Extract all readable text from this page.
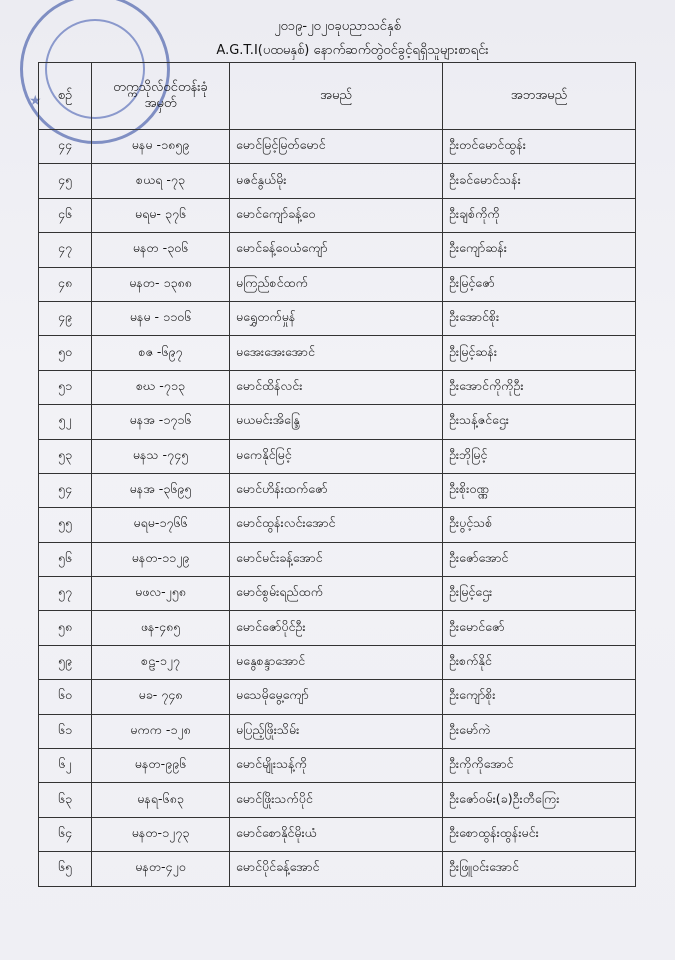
★
၂၀၁၉-၂၀၂၀ခုပညာသင်နှစ်
A.G.T.I(ပထမနှစ်) နောက်ဆက်တွဲဝင်ခွင့်ရရှိသူများစာရင်း
စဉ်	တက္ကသိုလ်ဝင်တန်းခုံအမှတ်	အမည်	အဘအမည်
၄၄	မနမ -၁၈၅၉	မောင်မြင့်မြတ်မောင်	ဦးတင်မောင်ထွန်း
၄၅	စယရ -၇၃	မဇင်နွယ်မိုး	ဦးခင်မောင်သန်း
၄၆	မရမ- ၃၇၆	မောင်ကျော်ခန့်ဝေ	ဦးချစ်ကိုကို
၄၇	မနတ -၃၀၆	မောင်ခန့်ဝေယံကျော်	ဦးကျော်ဆန်း
၄၈	မနတ- ၁၃၈၈	မကြည်စင်ထက်	ဦးမြင့်ဇော်
၄၉	မနမ - ၁၁၀၆	မရွှေတက်မှုန်	ဦးအောင်စိုး
၅၀	စဇ -၆၉၇	မအေးအေးအောင်	ဦးမြင့်ဆန်း
၅၁	စဃ -၇၁၃	မောင်ထိန်လင်း	ဦးအောင်ကိုကိုဦး
၅၂	မနအ -၁၇၁၆	မယမင်းအိန္ဒြေ	ဦးသန့်ဇင်ဌေး
၅၃	မနသ -၇၄၅	မကေနိုင်မြင့်	ဦးဘိုမြင့်
၅၄	မနအ -၃၆၉၅	မောင်ဟိန်းထက်ဇော်	ဦးစိုးဝဏ္ဏ
၅၅	မရမ-၁၇၆၆	မောင်ထွန်းလင်းအောင်	ဦးပွင့်သစ်
၅၆	မနတ-၁၁၂၉	မောင်မင်းခန့်အောင်	ဦးဇော်အောင်
၅၇	မဖလ-၂၅၈	မောင်စွမ်းရည်ထက်	ဦးမြင့်ဌေး
၅၈	ဖန-၄၈၅	မောင်ဇော်ပိုင်ဦး	ဦးမောင်ဇော်
၅၉	စဠ-၁၂၇	မနွေစန္ဒာအောင်	ဦးစက်နိုင်
၆၀	မခ- ၇၄၈	မသေမိုမွေ့ကျော်	ဦးကျော်စိုး
၆၁	မကက -၁၂၈	မပြည့်ဖြိုးသိမ်း	ဦးမော်ကဲ
၆၂	မနတ-၉၉၆	မောင်မျိုးသန့်ကို	ဦးကိုကိုအောင်
၆၃	မနရ-၆၈၃	မောင်ဖြိုးသက်ပိုင်	ဦးဇော်ဝမ်း(ခ)ဦးတီကြေး
၆၄	မနတ-၁၂၇၃	မောင်စောနိုင်မိုးယံ	ဦးစောထွန်းထွန်းမင်း
၆၅	မနတ-၄၂၀	မောင်ပိုင်ခန့်အောင်	ဦးဖြူဝင်းအောင်
